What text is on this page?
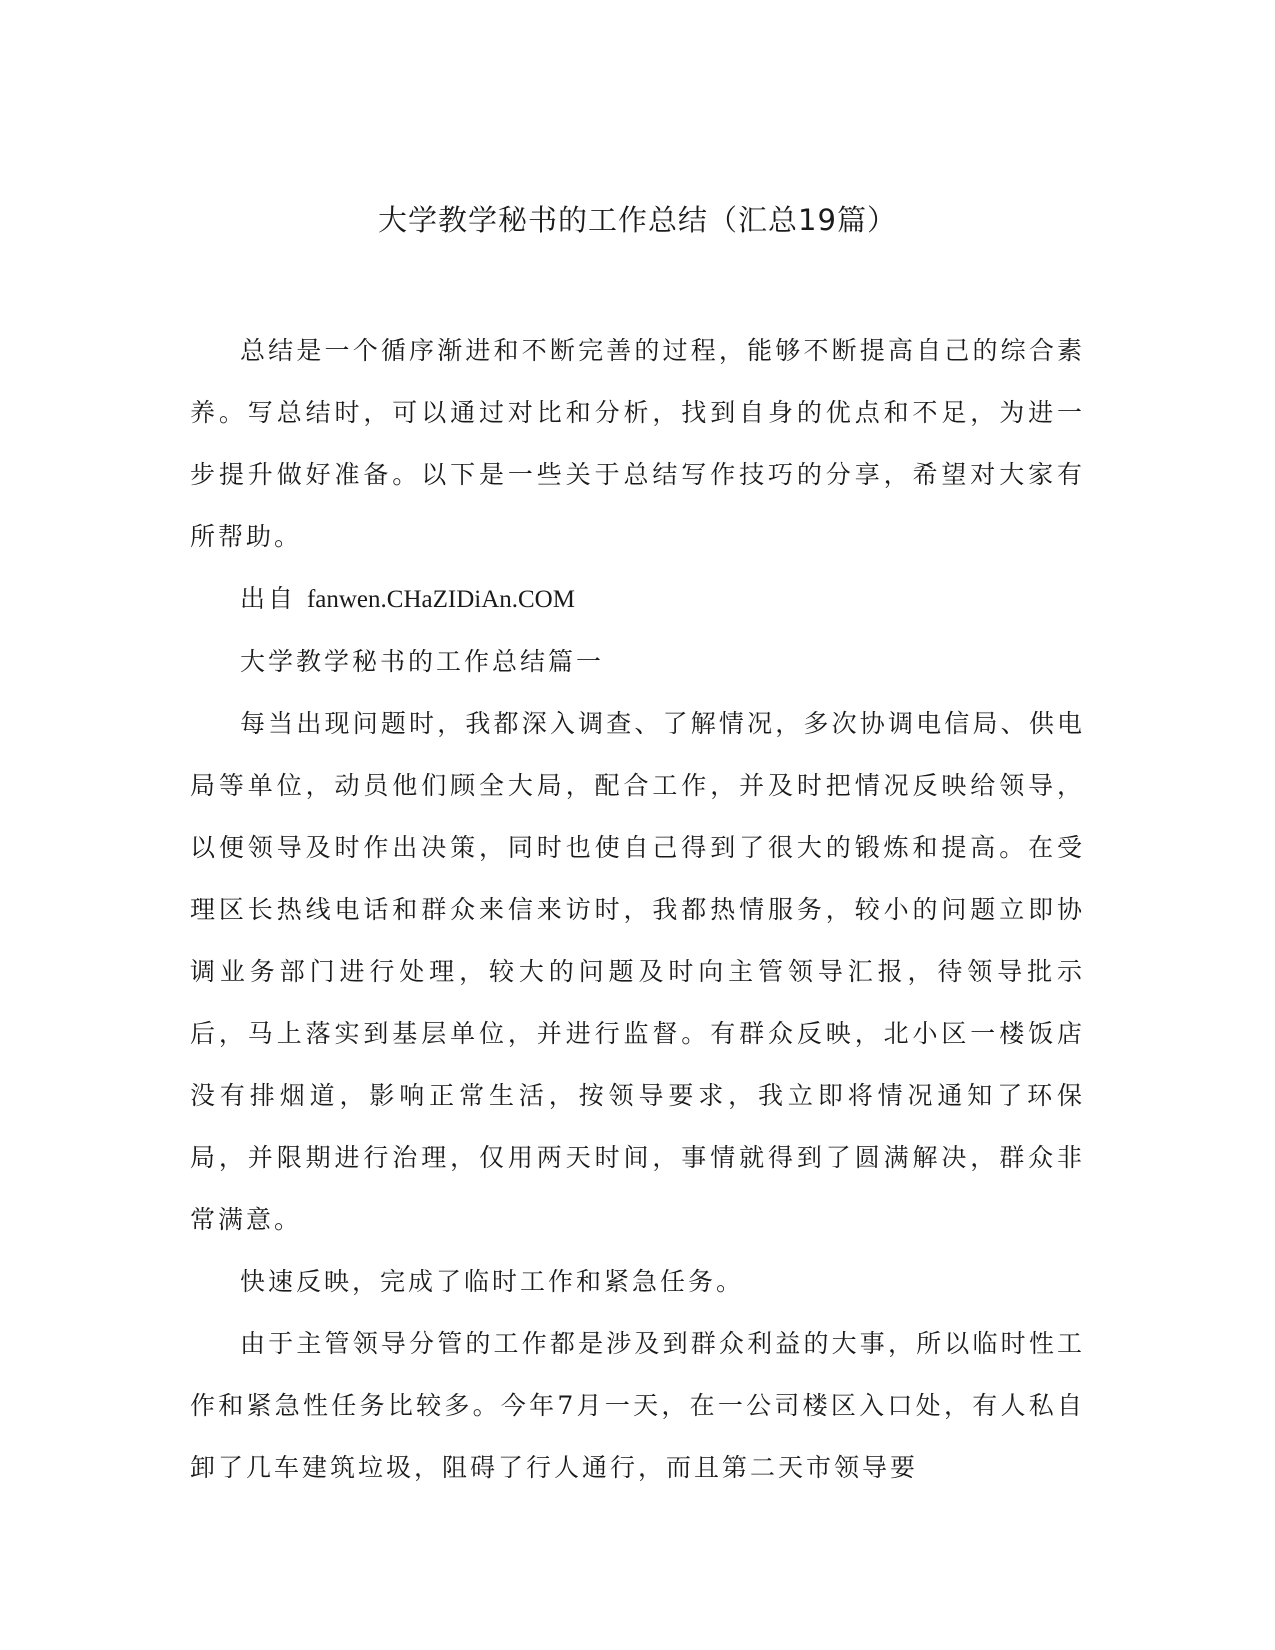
大学教学秘书的工作总结（汇总19篇）

总结是一个循序渐进和不断完善的过程，能够不断提高自己的综合素养。写总结时，可以通过对比和分析，找到自身的优点和不足，为进一步提升做好准备。以下是一些关于总结写作技巧的分享，希望对大家有所帮助。

出自 fanwen.CHaZIDiAn.COM

大学教学秘书的工作总结篇一

每当出现问题时，我都深入调查、了解情况，多次协调电信局、供电局等单位，动员他们顾全大局，配合工作，并及时把情况反映给领导，以便领导及时作出决策，同时也使自己得到了很大的锻炼和提高。在受理区长热线电话和群众来信来访时，我都热情服务，较小的问题立即协调业务部门进行处理，较大的问题及时向主管领导汇报，待领导批示后，马上落实到基层单位，并进行监督。有群众反映，北小区一楼饭店没有排烟道，影响正常生活，按领导要求，我立即将情况通知了环保局，并限期进行治理，仅用两天时间，事情就得到了圆满解决，群众非常满意。

快速反映，完成了临时工作和紧急任务。

由于主管领导分管的工作都是涉及到群众利益的大事，所以临时性工作和紧急性任务比较多。今年7月一天，在一公司楼区入口处，有人私自卸了几车建筑垃圾，阻碍了行人通行，而且第二天市领导要
